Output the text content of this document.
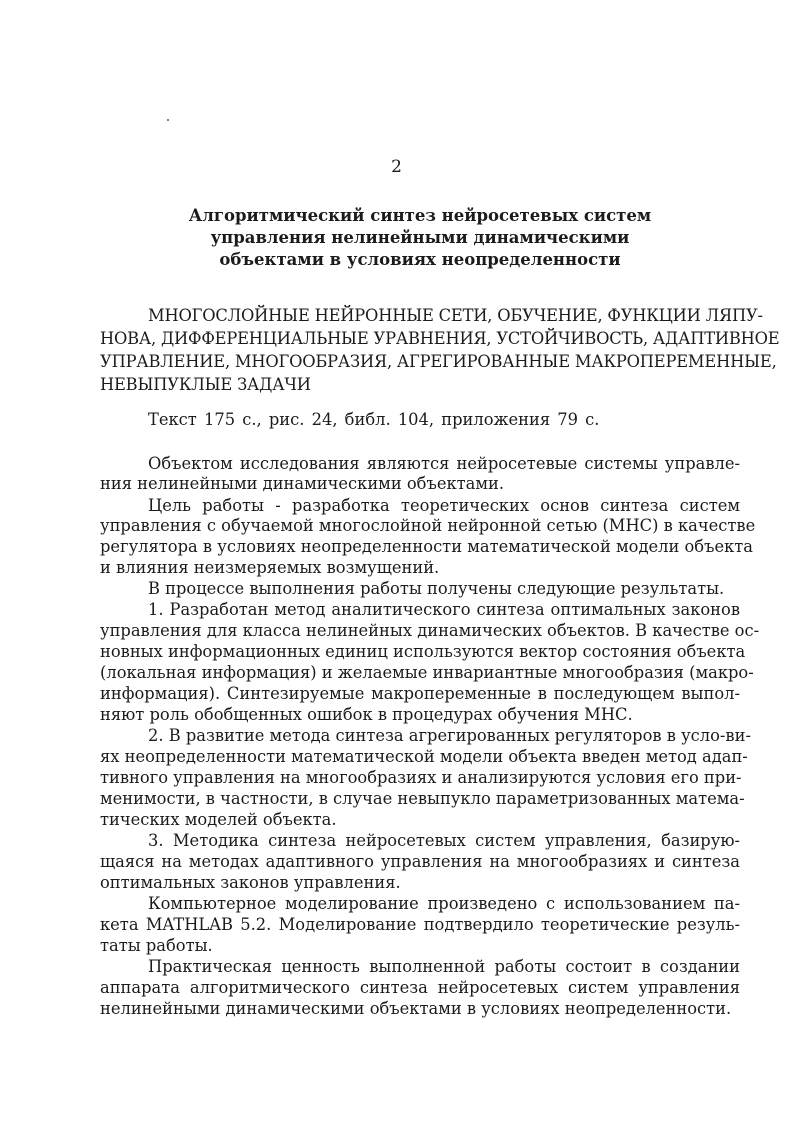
2
Алгоритмический синтез нейросетевых систем
управления нелинейными динамическими
объектами в условиях неопределенности
МНОГОСЛОЙНЫЕ НЕЙРОННЫЕ СЕТИ, ОБУЧЕНИЕ, ФУНКЦИИ ЛЯПУ-
НОВА, ДИФФЕРЕНЦИАЛЬНЫЕ УРАВНЕНИЯ, УСТОЙЧИВОСТЬ, АДАПТИВНОЕ
УПРАВЛЕНИЕ, МНОГООБРАЗИЯ, АГРЕГИРОВАННЫЕ МАКРОПЕРЕМЕННЫЕ,
НЕВЫПУКЛЫЕ ЗАДАЧИ
Текст 175 с., рис. 24, библ. 104, приложения 79 с.
Объектом исследования являются нейросетевые системы управле-
ния нелинейными динамическими объектами.
Цель работы - разработка теоретических основ синтеза систем
управления с обучаемой многослойной нейронной сетью (МНС) в качестве
регулятора в условиях неопределенности математической модели объекта
и влияния неизмеряемых возмущений.
В процессе выполнения работы получены следующие результаты.
1. Разработан метод аналитического синтеза оптимальных законов
управления для класса нелинейных динамических объектов. В качестве ос-
новных информационных единиц используются вектор состояния объекта
(локальная информация) и желаемые инвариантные многообразия (макро-
информация). Синтезируемые макропеременные в последующем выпол-
няют роль обобщенных ошибок в процедурах обучения МНС.
2. В развитие метода синтеза агрегированных регуляторов в усло-ви-
ях неопределенности математической модели объекта введен метод адап-
тивного управления на многообразиях и анализируются условия его при-
менимости, в частности, в случае невыпукло параметризованных матема-
тических моделей объекта.
3. Методика синтеза нейросетевых систем управления, базирую-
щаяся на методах адаптивного управления на многообразиях и синтеза
оптимальных законов управления.
Компьютерное моделирование произведено с использованием па-
кета MATHLAB 5.2. Моделирование подтвердило теоретические резуль-
таты работы.
Практическая ценность выполненной работы состоит в создании
аппарата алгоритмического синтеза нейросетевых систем управления
нелинейными динамическими объектами в условиях неопределенности.
